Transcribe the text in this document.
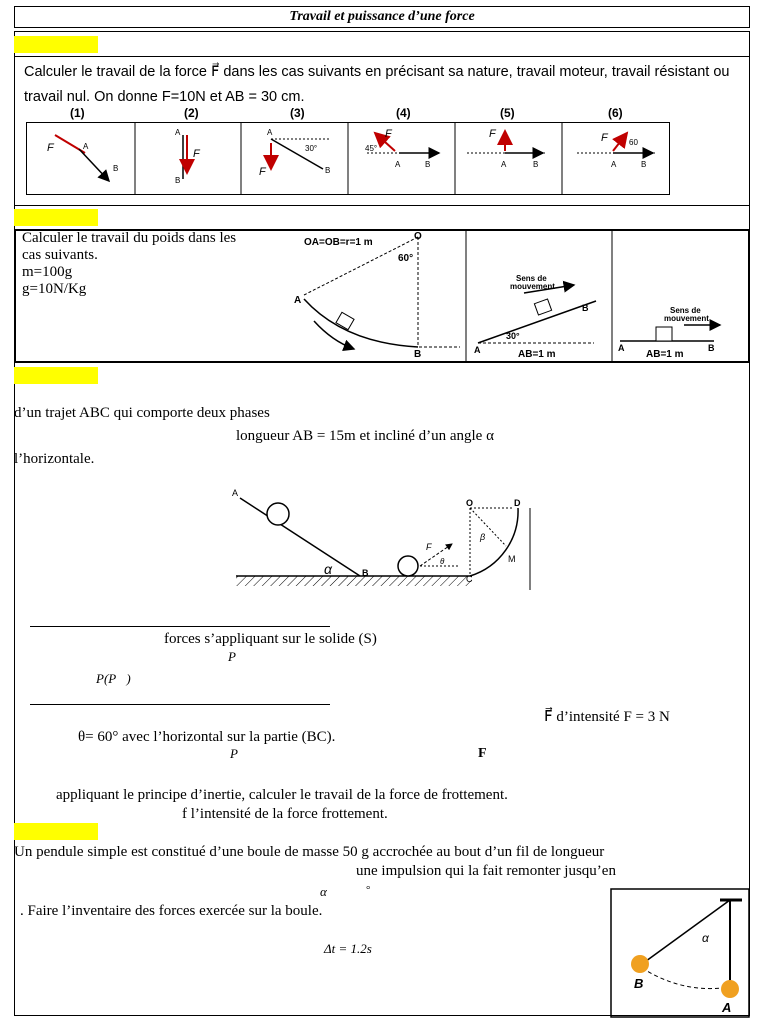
Travail et puissance d’une force
Calculer le travail de la force F⃗ dans les cas suivants en précisant sa nature, travail moteur, travail résistant ou travail nul. On donne F=10N et AB = 30 cm.
(1)	(2)	(3)	(4)	(5)	(6)
F	A
B
A
B
F
A
B
30°
F
F
45°
A	B
F
A	B
F	60
A	B
Calculer le travail du poids dans les
cas suivants.
m=100g
g=10N/Kg
OA=OB=r=1 m
O
60°
A
B
Sens de
mouvement
30°
A
B
AB=1 m
Sens de
mouvement
A	B
AB=1 m
d’un trajet ABC qui comporte deux phases
longueur AB = 15m et incliné d’un angle α
l’horizontale.
A
B
C
D
O
M
α
β
θ
F
forces s’appliquant sur le solide (S)
P⃗
P(P⃗)
F⃗ d’intensité F = 3 N
θ= 60° avec l’horizontal sur la partie (BC).
P⃗	F⃗
appliquant le principe d’inertie, calculer le travail de la force de frottement.
f l’intensité de la force frottement.
Un pendule simple est constitué d’une boule de masse 50 g accrochée au bout d’un fil de longueur
une impulsion qui la fait remonter jusqu’en
α	°
. Faire l’inventaire des forces exercée sur la boule.
Δt = 1.2s
α
B
A
